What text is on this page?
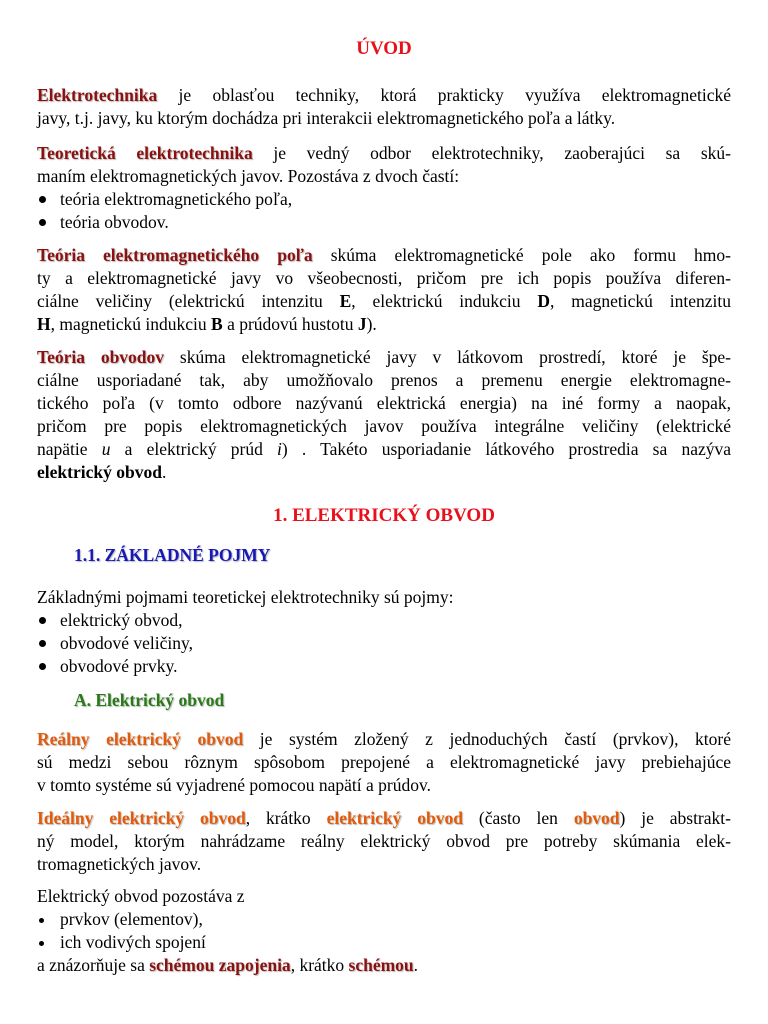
ÚVOD
Elektrotechnika je oblasťou techniky, ktorá prakticky využíva elektromagnetické
javy, t.j. javy, ku ktorým dochádza pri interakcii elektromagnetického poľa a látky.
Teoretická elektrotechnika je vedný odbor elektrotechniky, zaoberajúci sa skú-
maním elektromagnetických javov. Pozostáva z dvoch častí:
teória elektromagnetického poľa,
teória obvodov.
Teória elektromagnetického poľa skúma elektromagnetické pole ako formu hmo-
ty a elektromagnetické javy vo všeobecnosti, pričom pre ich popis používa diferen-
ciálne veličiny (elektrickú intenzitu E, elektrickú indukciu D, magnetickú intenzitu
H, magnetickú indukciu B a prúdovú hustotu J).
Teória obvodov skúma elektromagnetické javy v látkovom prostredí, ktoré je špe-
ciálne usporiadané tak, aby umožňovalo prenos a premenu energie elektromagne-
tického poľa (v tomto odbore nazývanú elektrická energia) na iné formy a naopak,
pričom pre popis elektromagnetických javov používa integrálne veličiny (elektrické
napätie u a elektrický prúd i) . Takéto usporiadanie látkového prostredia sa nazýva
elektrický obvod.
1. ELEKTRICKÝ OBVOD
1.1. ZÁKLADNÉ POJMY
Základnými pojmami teoretickej elektrotechniky sú pojmy:
elektrický obvod,
obvodové veličiny,
obvodové prvky.
A. Elektrický obvod
Reálny elektrický obvod je systém zložený z jednoduchých častí (prvkov), ktoré
sú medzi sebou rôznym spôsobom prepojené a elektromagnetické javy prebiehajúce
v tomto systéme sú vyjadrené pomocou napätí a prúdov.
Ideálny elektrický obvod, krátko elektrický obvod (často len obvod) je abstrakt-
ný model, ktorým nahrádzame reálny elektrický obvod pre potreby skúmania elek-
tromagnetických javov.
Elektrický obvod pozostáva z
prvkov (elementov),
ich vodivých spojení
a znázorňuje sa schémou zapojenia, krátko schémou.
